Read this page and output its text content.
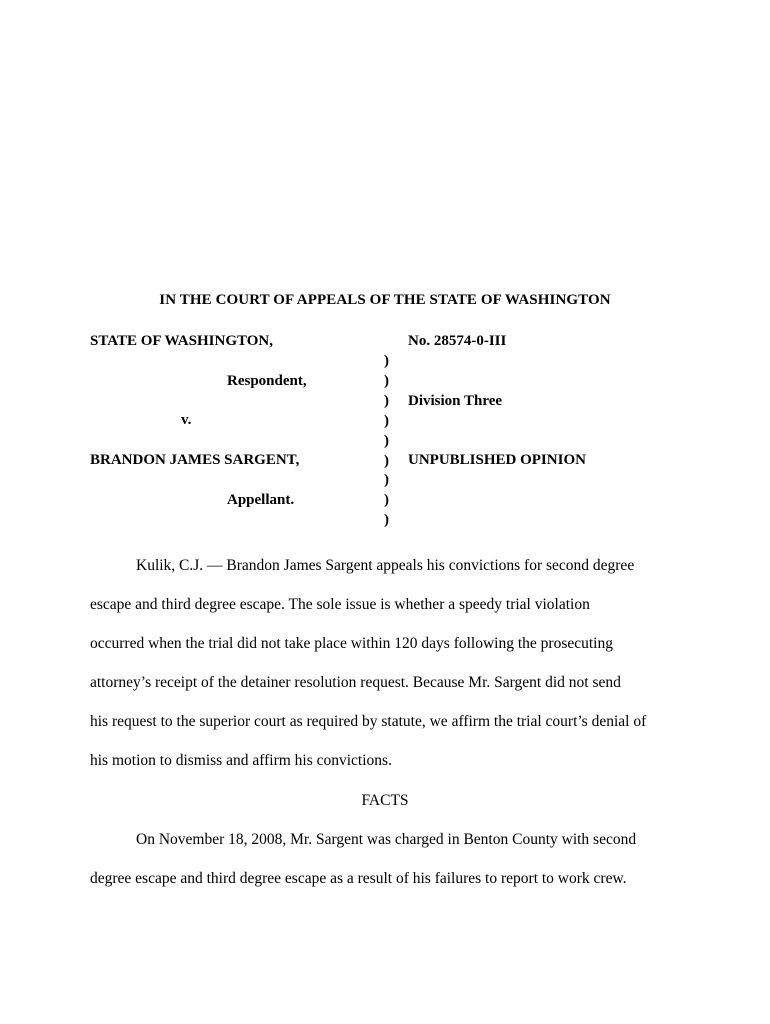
IN THE COURT OF APPEALS OF THE STATE OF WASHINGTON
STATE OF WASHINGTON,
Respondent,
v.
BRANDON JAMES SARGENT,
Appellant.
)
)
)
)
)
)
)
)
)
No. 28574-0-III
Division Three
UNPUBLISHED OPINION

Kulik, C.J. — Brandon James Sargent appeals his convictions for second degree
escape and third degree escape. The sole issue is whether a speedy trial violation
occurred when the trial did not take place within 120 days following the prosecuting
attorney’s receipt of the detainer resolution request. Because Mr. Sargent did not send
his request to the superior court as required by statute, we affirm the trial court’s denial of
his motion to dismiss and affirm his convictions.

FACTS

On November 18, 2008, Mr. Sargent was charged in Benton County with second
degree escape and third degree escape as a result of his failures to report to work crew.
